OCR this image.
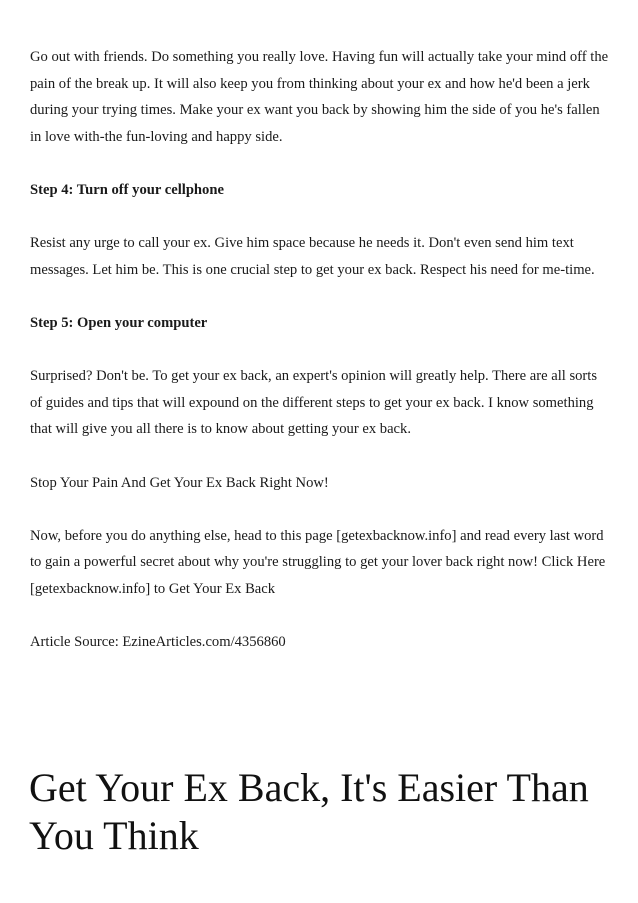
Go out with friends. Do something you really love. Having fun will actually take your mind off the pain of the break up. It will also keep you from thinking about your ex and how he'd been a jerk during your trying times. Make your ex want you back by showing him the side of you he's fallen in love with-the fun-loving and happy side.

Step 4: Turn off your cellphone

Resist any urge to call your ex. Give him space because he needs it. Don't even send him text messages. Let him be. This is one crucial step to get your ex back. Respect his need for me-time.

Step 5: Open your computer

Surprised? Don't be. To get your ex back, an expert's opinion will greatly help. There are all sorts of guides and tips that will expound on the different steps to get your ex back. I know something that will give you all there is to know about getting your ex back.

Stop Your Pain And Get Your Ex Back Right Now!

Now, before you do anything else, head to this page [getexbacknow.info] and read every last word to gain a powerful secret about why you're struggling to get your lover back right now! Click Here [getexbacknow.info] to Get Your Ex Back

Article Source: EzineArticles.com/4356860

Get Your Ex Back, It's Easier Than You Think
